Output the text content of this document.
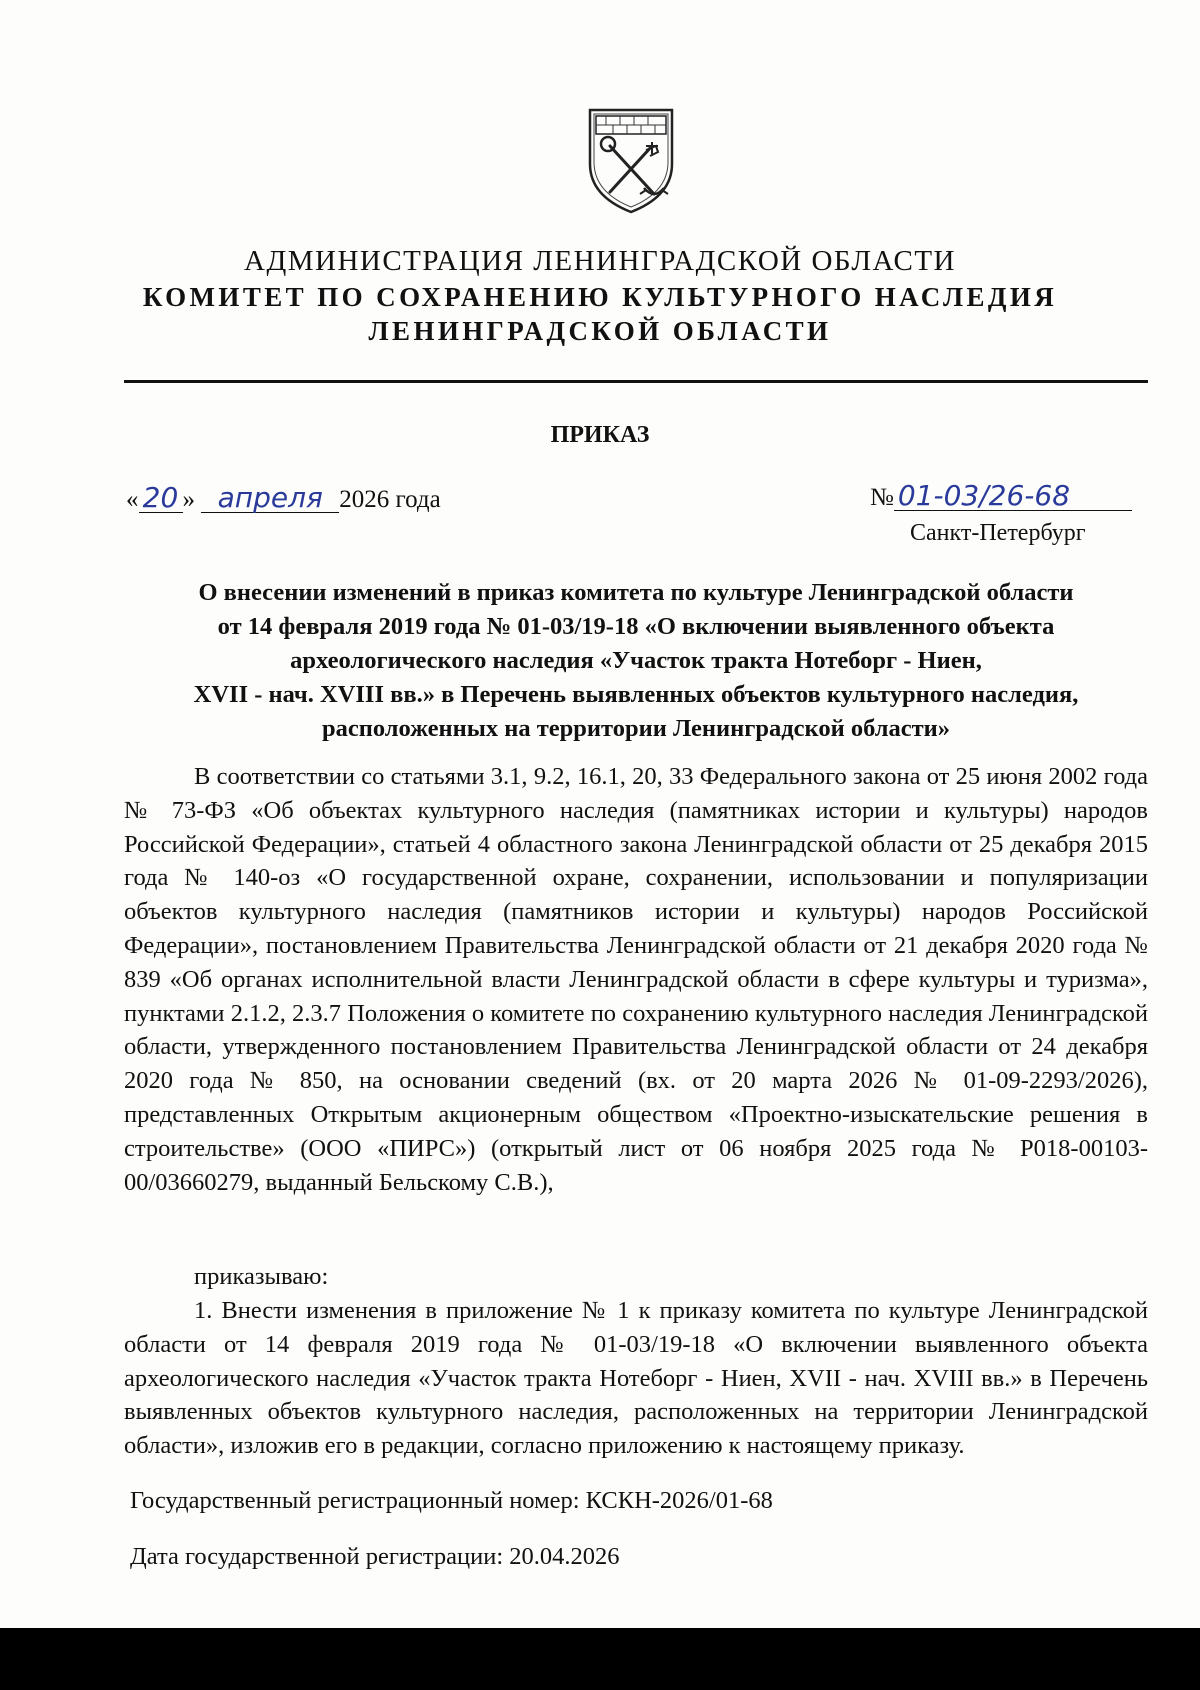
АДМИНИСТРАЦИЯ ЛЕНИНГРАДСКОЙ ОБЛАСТИ
КОМИТЕТ ПО СОХРАНЕНИЮ КУЛЬТУРНОГО НАСЛЕДИЯ
ЛЕНИНГРАДСКОЙ ОБЛАСТИ
ПРИКАЗ
« 20 » апреля 2026 года	№ 01-03/26-68
Санкт-Петербург
О внесении изменений в приказ комитета по культуре Ленинградской области
от 14 февраля 2019 года № 01-03/19-18 «О включении выявленного объекта
археологического наследия «Участок тракта Нотеборг - Ниен,
XVII - нач. XVIII вв.» в Перечень выявленных объектов культурного наследия,
расположенных на территории Ленинградской области»
В соответствии со статьями 3.1, 9.2, 16.1, 20, 33 Федерального закона от 25 июня 2002 года № 73-ФЗ «Об объектах культурного наследия (памятниках истории и культуры) народов Российской Федерации», статьей 4 областного закона Ленинградской области от 25 декабря 2015 года № 140-оз «О государственной охране, сохранении, использовании и популяризации объектов культурного наследия (памятников истории и культуры) народов Российской Федерации», постановлением Правительства Ленинградской области от 21 декабря 2020 года № 839 «Об органах исполнительной власти Ленинградской области в сфере культуры и туризма», пунктами 2.1.2, 2.3.7 Положения о комитете по сохранению культурного наследия Ленинградской области, утвержденного постановлением Правительства Ленинградской области от 24 декабря 2020 года № 850, на основании сведений (вх. от 20 марта 2026 № 01-09-2293/2026), представленных Открытым акционерным обществом «Проектно-изыскательские решения в строительстве» (ООО «ПИРС») (открытый лист от 06 ноября 2025 года № Р018-00103-00/03660279, выданный Бельскому С.В.),
приказываю:
1. Внести изменения в приложение № 1 к приказу комитета по культуре Ленинградской области от 14 февраля 2019 года № 01-03/19-18 «О включении выявленного объекта археологического наследия «Участок тракта Нотеборг - Ниен, XVII - нач. XVIII вв.» в Перечень выявленных объектов культурного наследия, расположенных на территории Ленинградской области», изложив его в редакции, согласно приложению к настоящему приказу.
Государственный регистрационный номер: КСКН-2026/01-68
Дата государственной регистрации: 20.04.2026
